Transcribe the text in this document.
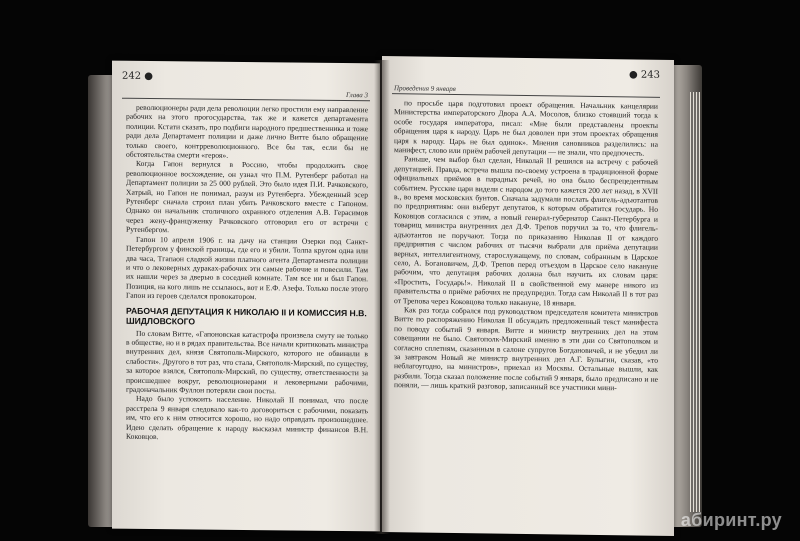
242 ●
Глава 3

революционеры ради дела революции легко простили ему направление рабочих на этого прогосударства, так же и кажется департамента полиции. Кстати сказать, про подбиги народного предшественника и тоже ради дела Департамент полиции и даже лично Витте было обращение только своего, контрреволюционного. Все бы так, если бы не обстоятельства смерти «героя».

Когда Гапон вернулся в Россию, чтобы продолжить свое революционное восхождение, он узнал что П.М. Рутенберг работал на Департамент полиции за 25 000 рублей. Это было идея П.И. Рачковского, Хатрый, но Гапон не понимал, разум из Рутенберга. Убежденный эсер Рутенберг сначала строил план убить Рачковского вместе с Гапоном. Однако он начальник столичного охранного отделения А.В. Герасимов через жену-француженку Рачковского отговорил его от встречи с Рутенбергом.

Гапон 10 апреля 1906 г. на дачу на станции Озерки под Санкт-Петербургом у финской границы, где его и убили. Толпа кругом одна или два часа, Тгапаон сладкой жизни платного агента Департамента полиции и что о лековерных дураках-рабочих эти самые рабочие и повесили. Там их нашли через за дверью в соседней комнате. Там все ни и был Гапон. Позиция, на кого лишь не ссылаюсь, вот и Е.Ф. Азефа. Только после этого Гапон из героев сделался провокатором.

РАБОЧАЯ ДЕПУТАЦИЯ К НИКОЛАЮ II И КОМИССИЯ Н.В. ШИДЛОВСКОГО

По словам Витте, «Гапоновская катастрофа произвела смуту не только в обществе, но и в рядах правительства. Все начали критиковать министра внутренних дел, князя Святополк-Мирского, которого не обвинили в слабости». Другого в тот раз, что стала, Святополк-Мирский, по существу, за которое взялся, Святополк-Мирский, по существу, ответственности за происшедшее вокруг, революционерами и лековерными рабочими, градоначальник Фуллон потеряли свои посты.

Надо было успокоить население. Николай II понимал, что после расстрела 9 января следовало как-то договориться с рабочими, показать им, что его к ним относится хорошо, но надо оправдать произошедшее. Идею сделать обращение к народу высказал министр финансов В.Н. Коковцов.

● 243
Проведения 9 января

по просьбе царя подготовил проект обращения. Начальник канцелярии Министерства императорского Двора А.А. Мосолов, близко стоявший тогда к особе государя императора, писал: «Мне были представлены проекты обращения царя к народу. Царь не был доволен при этом проектах обращения царя к народу. Царь не был одинок». Мнения сановников разделились: на манифест, слово или приём рабочей депутации — не знали, что предпочесть.

Раньше, чем выбор был сделан, Николай II решился на встречу с рабочей депутацией. Правда, встреча вышла по-своему устроена в традиционной форме официальных приёмов в парадных речей, но она было беспрецедентным событием. Русские цари видели с народом до того кажется 200 лет назад, в XVII в., во время московских бунтов. Сначала задумали послать флигель-адъютантов по предприятиям: они выберут депутатов, к которым обратится государь. Но Коковцов согласился с этим, а новый генерал-губернатор Санкт-Петербурга и товарищ министра внутренних дел Д.Ф. Трепов поручил за то, что флигель-адъютантов не поручают. Тогда по приказанию Николая II от каждого предприятия с числом рабочих от тысячи выбрали для приёма депутации верных, интеллигентному, старослужащему, по словам, собранным в Царское село, А. Богановичем, Д.Ф. Трепов перед отъездом в Царское село накануне рабочим, что депутация рабочих должна был научить их словам царя: «Простить, Государь!». Николай II в свойственной ему манере никого из правительства о приёме рабочих не предупредил. Тогда сам Николай II в тот раз от Трепова через Коковцова только накануне, 18 января.

Как раз тогда собрался под руководством председателя комитета министров Витте по распоряжению Николая II обсуждать предложенный текст манифеста по поводу событий 9 января. Витте и министр внутренних дел на этом совещании не было. Святополк-Мирский именно в эти дни со Святополком и согласно сплетням, сказанным в салоне супругов Богдановичей, и не убедил ли за завтраком Новый же министр внутренних дел А.Г. Булыгин, сказав, «то неблагоугодно, на министров», приехал из Москвы. Остальные вышли, как разбили. Тогда сказал положение после событий 9 января, было предписано и не поняли, — лишь краткий разговор, записанный все участники мини-

абиринт.ру
